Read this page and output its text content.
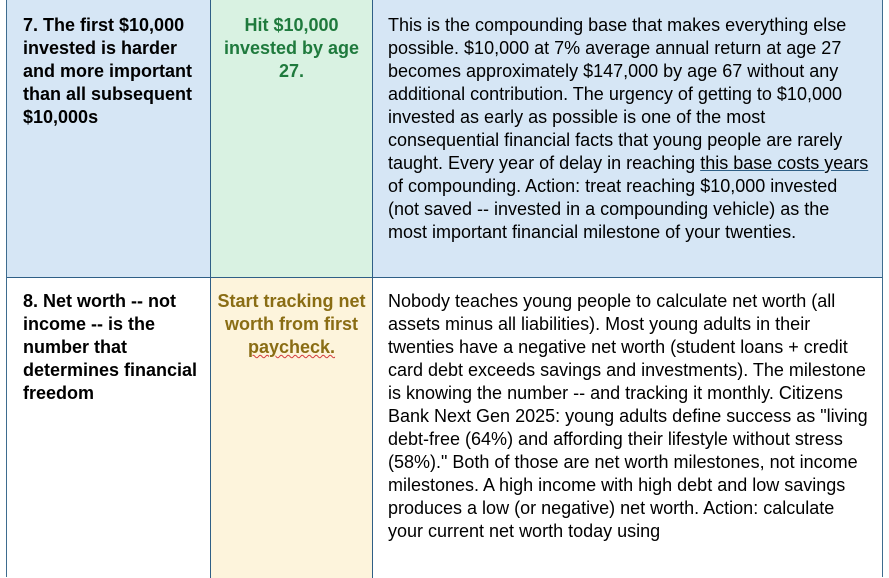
7. The first $10,000 invested is harder and more important than all subsequent $10,000s
Hit $10,000 invested by age 27.
This is the compounding base that makes everything else possible. $10,000 at 7% average annual return at age 27 becomes approximately $147,000 by age 67 without any additional contribution. The urgency of getting to $10,000 invested as early as possible is one of the most consequential financial facts that young people are rarely taught. Every year of delay in reaching this base costs years of compounding. Action: treat reaching $10,000 invested (not saved -- invested in a compounding vehicle) as the most important financial milestone of your twenties.
8. Net worth -- not income -- is the number that determines financial freedom
Start tracking net worth from first paycheck.
Nobody teaches young people to calculate net worth (all assets minus all liabilities). Most young adults in their twenties have a negative net worth (student loans + credit card debt exceeds savings and investments). The milestone is knowing the number -- and tracking it monthly. Citizens Bank Next Gen 2025: young adults define success as "living debt-free (64%) and affording their lifestyle without stress (58%)." Both of those are net worth milestones, not income milestones. A high income with high debt and low savings produces a low (or negative) net worth. Action: calculate your current net worth today using
